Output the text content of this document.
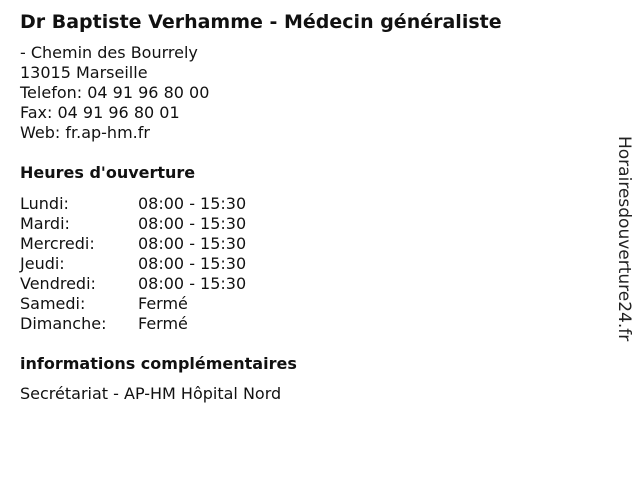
Dr Baptiste Verhamme - Médecin généraliste
- Chemin des Bourrely
13015 Marseille
Telefon: 04 91 96 80 00
Fax: 04 91 96 80 01
Web: fr.ap-hm.fr
Heures d'ouverture
Lundi:	08:00 - 15:30
Mardi:	08:00 - 15:30
Mercredi:	08:00 - 15:30
Jeudi:	08:00 - 15:30
Vendredi:	08:00 - 15:30
Samedi:	Fermé
Dimanche:	Fermé
informations complémentaires
Secrétariat - AP-HM Hôpital Nord
Horairesdouverture24.fr
